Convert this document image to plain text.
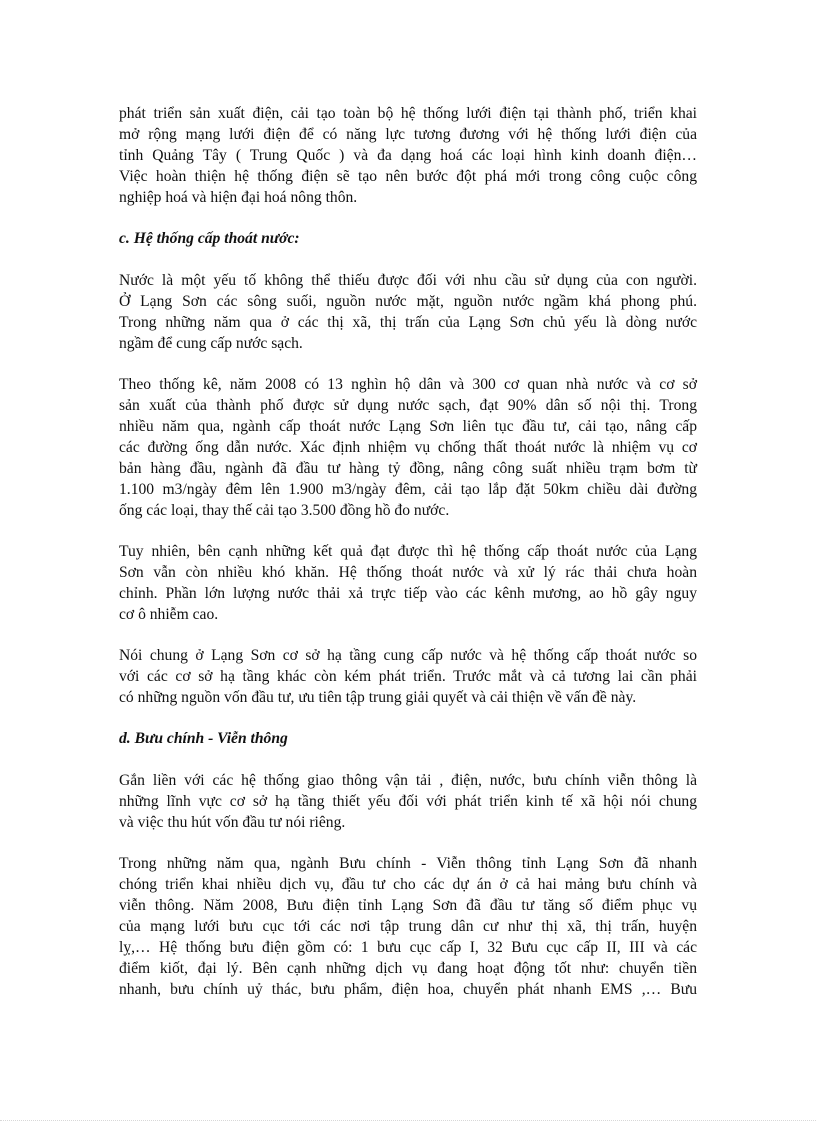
phát triển sản xuất điện, cải tạo toàn bộ hệ thống lưới điện tại thành phố, triển khai
mở rộng mạng lưới điện để có năng lực tương đương với hệ thống lưới điện của
tỉnh Quảng Tây ( Trung Quốc ) và đa dạng hoá các loại hình kinh doanh điện…
Việc hoàn thiện hệ thống điện sẽ tạo nên bước đột phá mới trong công cuộc công
nghiệp hoá và hiện đại hoá nông thôn.
c. Hệ thống cấp thoát nước:
Nước là một yếu tố không thể thiếu được đối với nhu cầu sử dụng của con người.
Ở Lạng Sơn các sông suối, nguồn nước mặt, nguồn nước ngầm khá phong phú.
Trong những năm qua ở các thị xã, thị trấn của Lạng Sơn chủ yếu là dòng nước
ngầm để cung cấp nước sạch.
Theo thống kê, năm 2008 có 13 nghìn hộ dân và 300 cơ quan nhà nước và cơ sở
sản xuất của thành phố được sử dụng nước sạch, đạt 90% dân số nội thị. Trong
nhiều năm qua, ngành cấp thoát nước Lạng Sơn liên tục đầu tư, cải tạo, nâng cấp
các đường ống dẫn nước. Xác định nhiệm vụ chống thất thoát nước là nhiệm vụ cơ
bản hàng đầu, ngành đã đầu tư hàng tỷ đồng, nâng công suất nhiều trạm bơm từ
1.100 m3/ngày đêm lên 1.900 m3/ngày đêm, cải tạo lắp đặt 50km chiều dài đường
ống các loại, thay thế cải tạo 3.500 đồng hồ đo nước.
Tuy nhiên, bên cạnh những kết quả đạt được thì hệ thống cấp thoát nước của Lạng
Sơn vẫn còn nhiều khó khăn. Hệ thống thoát nước và xử lý rác thải chưa hoàn
chỉnh. Phần lớn lượng nước thải xả trực tiếp vào các kênh mương, ao hồ gây nguy
cơ ô nhiễm cao.
Nói chung ở Lạng Sơn cơ sở hạ tầng cung cấp nước và hệ thống cấp thoát nước so
với các cơ sở hạ tầng khác còn kém phát triển. Trước mắt và cả tương lai cần phải
có những nguồn vốn đầu tư, ưu tiên tập trung giải quyết và cải thiện về vấn đề này.
d. Bưu chính - Viễn thông
Gắn liền với các hệ thống giao thông vận tải , điện, nước, bưu chính viễn thông là
những lĩnh vực cơ sở hạ tầng thiết yếu đối với phát triển kinh tế xã hội nói chung
và việc thu hút vốn đầu tư nói riêng.
Trong những năm qua, ngành Bưu chính - Viễn thông tỉnh Lạng Sơn đã nhanh
chóng triển khai nhiều dịch vụ, đầu tư cho các dự án ở cả hai mảng bưu chính và
viễn thông. Năm 2008, Bưu điện tỉnh Lạng Sơn đã đầu tư tăng số điểm phục vụ
của mạng lưới bưu cục tới các nơi tập trung dân cư như thị xã, thị trấn, huyện
lỵ,… Hệ thống bưu điện gồm có: 1 bưu cục cấp I, 32 Bưu cục cấp II, III và các
điểm kiốt, đại lý. Bên cạnh những dịch vụ đang hoạt động tốt như: chuyển tiền
nhanh, bưu chính uỷ thác, bưu phẩm, điện hoa, chuyển phát nhanh EMS ,… Bưu
